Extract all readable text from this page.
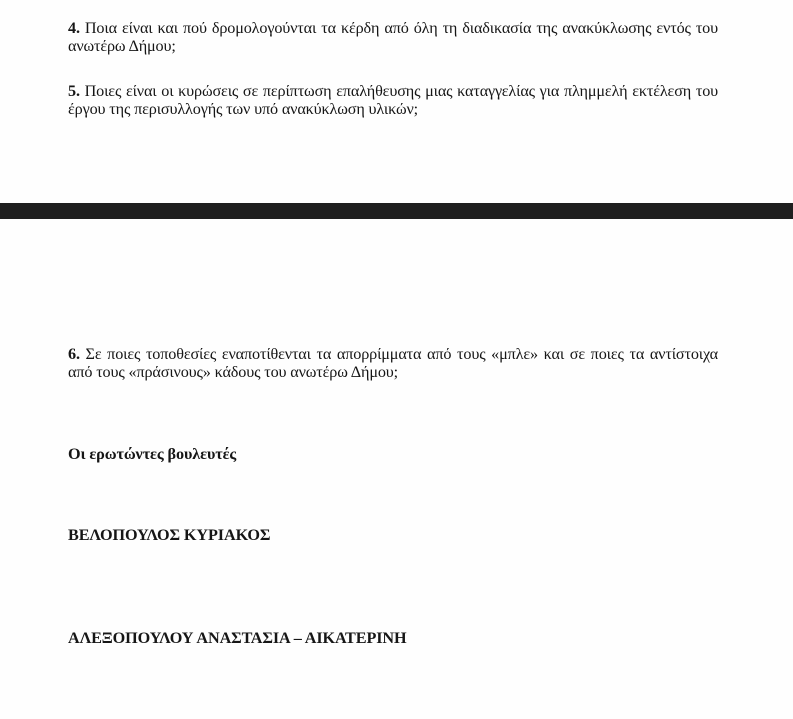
4. Ποια είναι και πού δρομολογούνται τα κέρδη από όλη τη διαδικασία της ανακύκλωσης εντός του ανωτέρω Δήμου;
5. Ποιες είναι οι κυρώσεις σε περίπτωση επαλήθευσης μιας καταγγελίας για πλημμελή εκτέλεση του έργου της περισυλλογής των υπό ανακύκλωση υλικών;
6. Σε ποιες τοποθεσίες εναποτίθενται τα απορρίμματα από τους «μπλε» και σε ποιες τα αντίστοιχα από τους «πράσινους» κάδους του ανωτέρω Δήμου;
Οι ερωτώντες βουλευτές
ΒΕΛΟΠΟΥΛΟΣ ΚΥΡΙΑΚΟΣ
ΑΛΕΞΟΠΟΥΛΟΥ ΑΝΑΣΤΑΣΙΑ – ΑΙΚΑΤΕΡΙΝΗ
